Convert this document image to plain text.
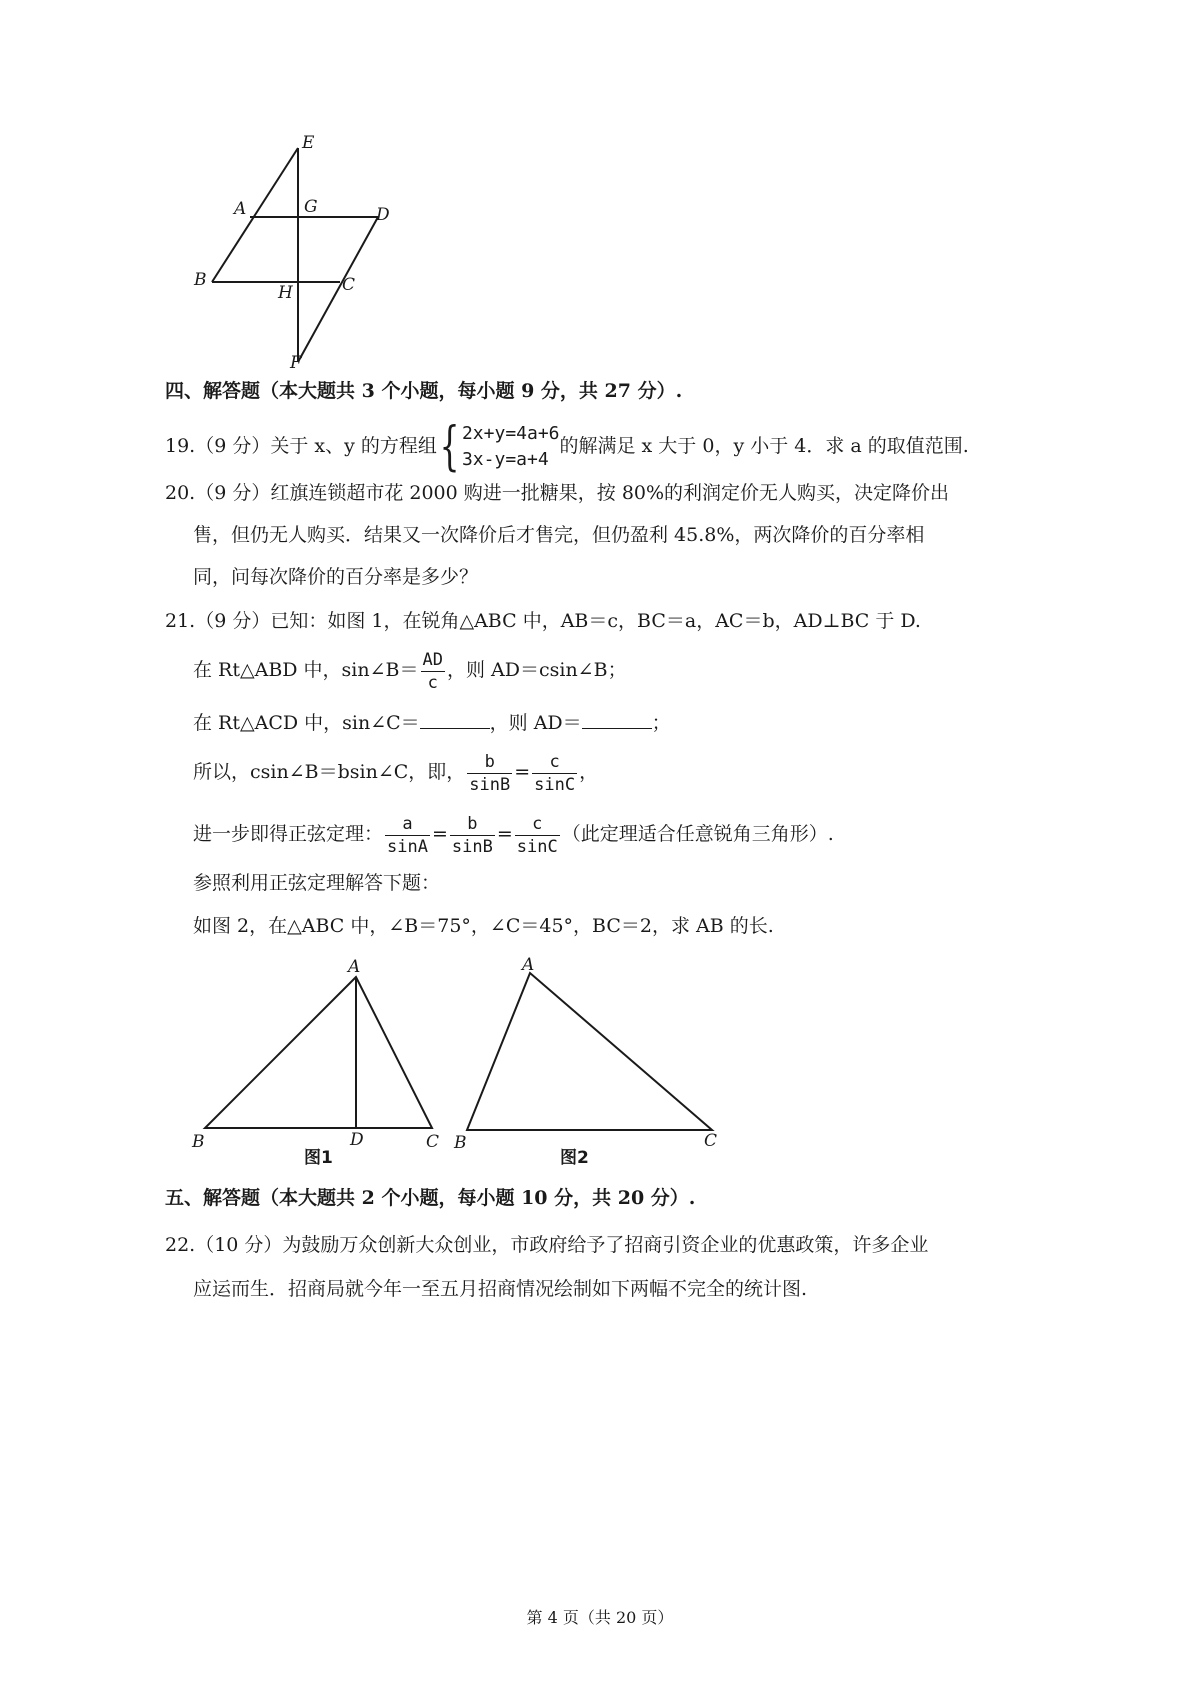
E
A	G	D
B
H	C
F
四、解答题（本大题共 3 个小题，每小题 9 分，共 27 分）.
19.（9 分）关于 x、y 的方程组{ 2x+y=4a+6
3x-y=a+4
的解满足 x 大于 0，y 小于 4．求 a 的取值范围.
20.（9 分）红旗连锁超市花 2000 购进一批糖果，按 80%的利润定价无人购买，决定降价出
售，但仍无人购买．结果又一次降价后才售完，但仍盈利 45.8%，两次降价的百分率相
同，问每次降价的百分率是多少？
21.（9 分）已知：如图 1，在锐角△ABC 中，AB＝c，BC＝a，AC＝b，AD⊥BC 于 D.
在 Rt△ABD 中，sin∠B＝ $\frac{AD}{c}$ ，则 AD＝csin∠B；
在 Rt△ACD 中，sin∠C＝	，则 AD＝	；
所以，csin∠B＝bsin∠C，即， $\frac{b}{\sin B} = \frac{c}{\sin C}$ ，
进一步即得正弦定理： $\frac{a}{\sin A} = \frac{b}{\sin B} = \frac{c}{\sin C}$ （此定理适合任意锐角三角形）.
参照利用正弦定理解答下题：
如图 2，在△ABC 中，∠B＝75°，∠C＝45°，BC＝2，求 AB 的长.
A
B	D	C
图1
A
B	C
图2
五、解答题（本大题共 2 个小题，每小题 10 分，共 20 分）.
22.（10 分）为鼓励万众创新大众创业，市政府给予了招商引资企业的优惠政策，许多企业
应运而生．招商局就今年一至五月招商情况绘制如下两幅不完全的统计图.
第 4 页（共 20 页）
